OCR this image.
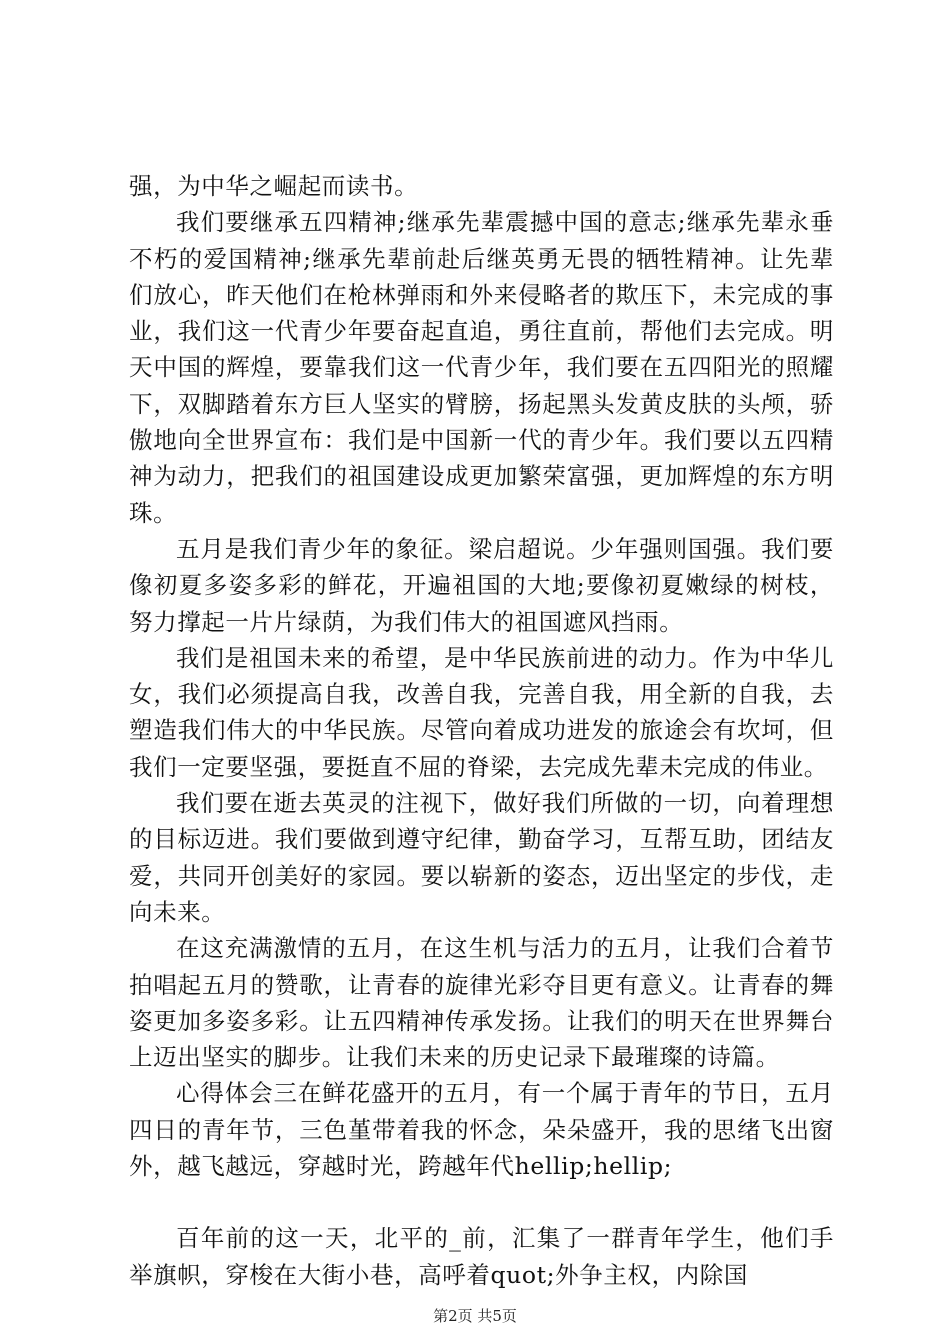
强，为中华之崛起而读书。

我们要继承五四精神;继承先辈震撼中国的意志;继承先辈永垂不朽的爱国精神;继承先辈前赴后继英勇无畏的牺牲精神。让先辈们放心，昨天他们在枪林弹雨和外来侵略者的欺压下，未完成的事业，我们这一代青少年要奋起直追，勇往直前，帮他们去完成。明天中国的辉煌，要靠我们这一代青少年，我们要在五四阳光的照耀下，双脚踏着东方巨人坚实的臂膀，扬起黑头发黄皮肤的头颅，骄傲地向全世界宣布：我们是中国新一代的青少年。我们要以五四精神为动力，把我们的祖国建设成更加繁荣富强，更加辉煌的东方明珠。

五月是我们青少年的象征。梁启超说。少年强则国强。我们要像初夏多姿多彩的鲜花，开遍祖国的大地;要像初夏嫩绿的树枝，努力撑起一片片绿荫，为我们伟大的祖国遮风挡雨。

我们是祖国未来的希望，是中华民族前进的动力。作为中华儿女，我们必须提高自我，改善自我，完善自我，用全新的自我，去塑造我们伟大的中华民族。尽管向着成功进发的旅途会有坎坷，但我们一定要坚强，要挺直不屈的脊梁，去完成先辈未完成的伟业。

我们要在逝去英灵的注视下，做好我们所做的一切，向着理想的目标迈进。我们要做到遵守纪律，勤奋学习，互帮互助，团结友爱，共同开创美好的家园。要以崭新的姿态，迈出坚定的步伐，走向未来。

在这充满激情的五月，在这生机与活力的五月，让我们合着节拍唱起五月的赞歌，让青春的旋律光彩夺目更有意义。让青春的舞姿更加多姿多彩。让五四精神传承发扬。让我们的明天在世界舞台上迈出坚实的脚步。让我们未来的历史记录下最璀璨的诗篇。

心得体会三在鲜花盛开的五月，有一个属于青年的节日，五月四日的青年节，三色堇带着我的怀念，朵朵盛开，我的思绪飞出窗外，越飞越远，穿越时光，跨越年代hellip;hellip;

百年前的这一天，北平的_前，汇集了一群青年学生，他们手举旗帜，穿梭在大街小巷，高呼着quot;外争主权，内除国

第2页 共5页
